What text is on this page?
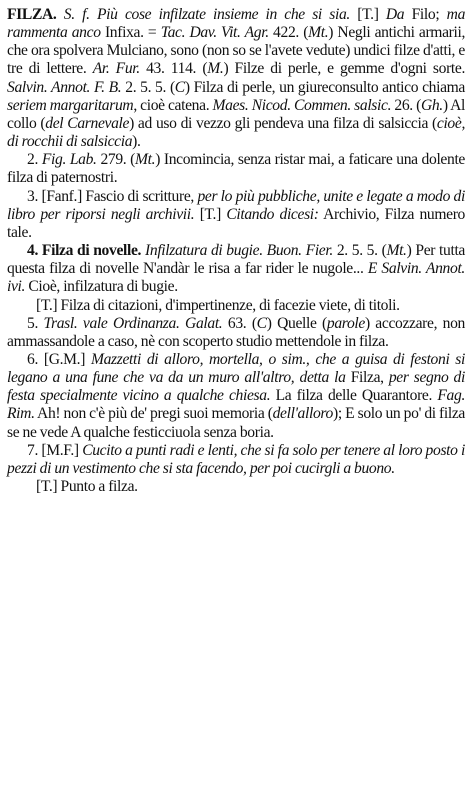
FILZA. S. f. Più cose infilzate insieme in che si sia. [T.] Da Filo; ma rammenta anco Infixa. = Tac. Dav. Vit. Agr. 422. (Mt.) Negli antichi armarii, che ora spolvera Mulciano, sono (non so se l'avete vedute) undici filze d'atti, e tre di lettere. Ar. Fur. 43. 114. (M.) Filze di perle, e gemme d'ogni sorte. Salvin. Annot. F. B. 2. 5. 5. (C) Filza di perle, un giureconsulto antico chiama seriem margaritarum, cioè catena. Maes. Nicod. Commen. salsic. 26. (Gh.) Al collo (del Carnevale) ad uso di vezzo gli pendeva una filza di salsiccia (cioè, di rocchii di salsiccia).

2. Fig. Lab. 279. (Mt.) Incomincia, senza ristar mai, a faticare una dolente filza di paternostri.

3. [Fanf.] Fascio di scritture, per lo più pubbliche, unite e legate a modo di libro per riporsi negli archivii. [T.] Citando dicesi: Archivio, Filza numero tale.

4. Filza di novelle. Infilzatura di bugie. Buon. Fier. 2. 5. 5. (Mt.) Per tutta questa filza di novelle N'andàr le risa a far rider le nugole... E Salvin. Annot. ivi. Cioè, infilzatura di bugie.

[T.] Filza di citazioni, d'impertinenze, di facezie viete, di titoli.

5. Trasl. vale Ordinanza. Galat. 63. (C) Quelle (parole) accozzare, non ammassandole a caso, nè con scoperto studio mettendole in filza.

6. [G.M.] Mazzetti di alloro, mortella, o sim., che a guisa di festoni si legano a una fune che va da un muro all'altro, detta la Filza, per segno di festa specialmente vicino a qualche chiesa. La filza delle Quarantore. Fag. Rim. Ah! non c'è più de' pregi suoi memoria (dell'alloro); E solo un po' di filza se ne vede A qualche festicciuola senza boria.

7. [M.F.] Cucito a punti radi e lenti, che si fa solo per tenere al loro posto i pezzi di un vestimento che si sta facendo, per poi cucirgli a buono.

[T.] Punto a filza.
